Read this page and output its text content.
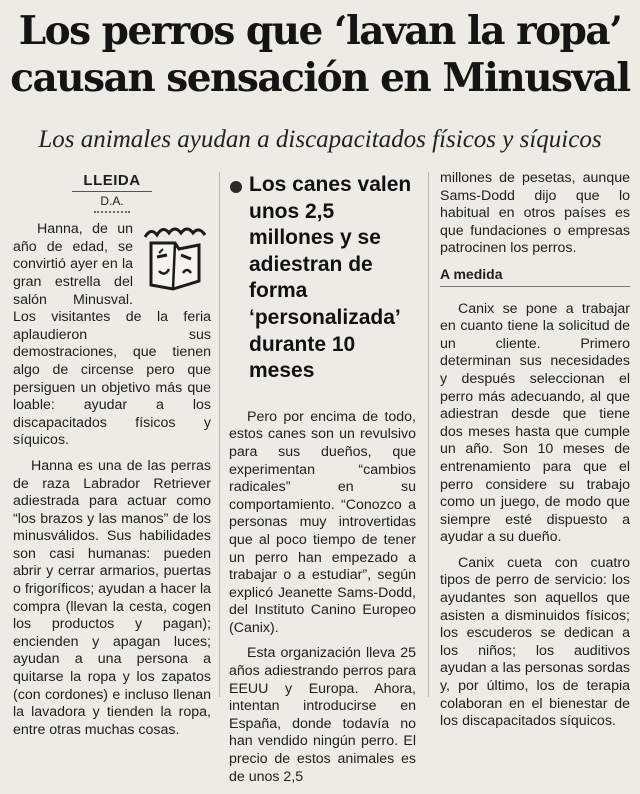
Los perros que ‘lavan la ropa’ causan sensación en Minusval
Los animales ayudan a discapacitados físicos y síquicos
LLEIDA
D.A.

Hanna, de un año de edad, se convirtió ayer en la gran estrella del salón Minusval. Los visitantes de la feria aplaudieron sus demostraciones, que tienen algo de circense pero que persiguen un objetivo más que loable: ayudar a los discapacitados físicos y síquicos.

Hanna es una de las perras de raza Labrador Retriever adiestrada para actuar como “los brazos y las manos” de los minusválidos. Sus habilidades son casi humanas: pueden abrir y cerrar armarios, puertas o frigoríficos; ayudan a hacer la compra (llevan la cesta, cogen los productos y pagan); encienden y apagan luces; ayudan a una persona a quitarse la ropa y los zapatos (con cordones) e incluso llenan la lavadora y tienden la ropa, entre otras muchas cosas.

Los canes valen unos 2,5 millones y se adiestran de forma ‘personalizada’ durante 10 meses

Pero por encima de todo, estos canes son un revulsivo para sus dueños, que experimentan “cambios radicales” en su comportamiento. “Conozco a personas muy introvertidas que al poco tiempo de tener un perro han empezado a trabajar o a estudiar”, según explicó Jeanette Sams-Dodd, del Instituto Canino Europeo (Canix).

Esta organización lleva 25 años adiestrando perros para EEUU y Europa. Ahora, intentan introducirse en España, donde todavía no han vendido ningún perro. El precio de estos animales es de unos 2,5

millones de pesetas, aunque Sams-Dodd dijo que lo habitual en otros países es que fundaciones o empresas patrocinen los perros.

A medida

Canix se pone a trabajar en cuanto tiene la solicitud de un cliente. Primero determinan sus necesidades y después seleccionan el perro más adecuando, al que adiestran desde que tiene dos meses hasta que cumple un año. Son 10 meses de entrenamiento para que el perro considere su trabajo como un juego, de modo que siempre esté dispuesto a ayudar a su dueño.

Canix cueta con cuatro tipos de perro de servicio: los ayudantes son aquellos que asisten a disminuidos físicos; los escuderos se dedican a los niños; los auditivos ayudan a las personas sordas y, por último, los de terapia colaboran en el bienestar de los discapacitados síquicos.
